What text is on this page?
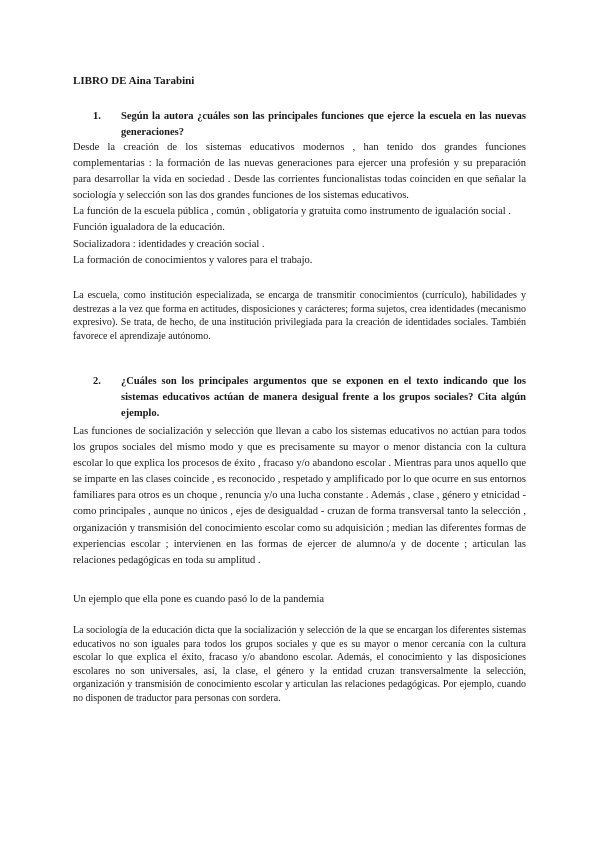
LIBRO DE Aina Tarabini
1. Según la autora ¿cuáles son las principales funciones que ejerce la escuela en las nuevas generaciones?

Desde la creación de los sistemas educativos modernos , han tenido dos grandes funciones complementarias : la formación de las nuevas generaciones para ejercer una profesión y su preparación para desarrollar la vida en sociedad . Desde las corrientes funcionalistas todas coinciden en que señalar la sociología y selección son las dos grandes funciones de los sistemas educativos.

La función de la escuela pública , común , obligatoria y gratuita como instrumento de igualación social .

Función igualadora de la educación.

Socializadora : identidades y creación social .

La formación de conocimientos y valores para el trabajo.

La escuela, como institución especializada, se encarga de transmitir conocimientos (currículo), habilidades y destrezas a la vez que forma en actitudes, disposiciones y carácteres; forma sujetos, crea identidades (mecanismo expresivo). Se trata, de hecho, de una institución privilegiada para la creación de identidades sociales. También favorece el aprendizaje autónomo.

2. ¿Cuáles son los principales argumentos que se exponen en el texto indicando que los sistemas educativos actúan de manera desigual frente a los grupos sociales? Cita algún ejemplo.

Las funciones de socialización y selección que llevan a cabo los sistemas educativos no actúan para todos los grupos sociales del mismo modo y que es precisamente su mayor o menor distancia con la cultura escolar lo que explica los procesos de éxito , fracaso y/o abandono escolar . Mientras para unos aquello que se imparte en las clases coincide , es reconocido , respetado y amplificado por lo que ocurre en sus entornos familiares para otros es un choque , renuncia y/o una lucha constante . Además , clase , género y etnicidad - como principales , aunque no únicos , ejes de desigualdad - cruzan de forma transversal tanto la selección , organización y transmisión del conocimiento escolar como su adquisición ; median las diferentes formas de experiencias escolar ; intervienen en las formas de ejercer de alumno/a y de docente ; articulan las relaciones pedagógicas en toda su amplitud .

Un ejemplo que ella pone es cuando pasó lo de la pandemia

La sociología de la educación dicta que la socialización y selección de la que se encargan los diferentes sistemas educativos no son iguales para todos los grupos sociales y que es su mayor o menor cercanía con la cultura escolar lo que explica el éxito, fracaso y/o abandono escolar. Además, el conocimiento y las disposiciones escolares no son universales, así, la clase, el género y la entidad cruzan transversalmente la selección, organización y transmisión de conocimiento escolar y articulan las relaciones pedagógicas. Por ejemplo, cuando no disponen de traductor para personas con sordera.
